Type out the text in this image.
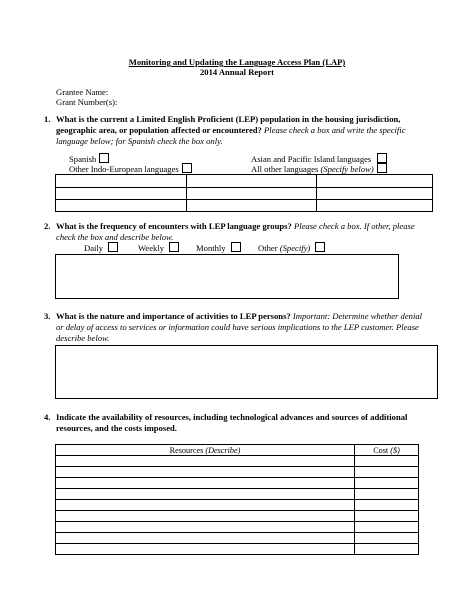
Monitoring and Updating the Language Access Plan (LAP)
2014 Annual Report
Grantee Name:
Grant Number(s):
1. What is the current a Limited English Proficient (LEP) population in the housing jurisdiction, geographic area, or population affected or encountered? Please check a box and write the specific language below; for Spanish check the box only.
Spanish	Asian and Pacific Island languages
Other Indo-European languages	All other languages (Specify below)
2. What is the frequency of encounters with LEP language groups? Please check a box. If other, please check the box and describe below.
Daily	Weekly	Monthly	Other (Specify)
3. What is the nature and importance of activities to LEP persons? Important: Determine whether denial or delay of access to services or information could have serious implications to the LEP customer. Please describe below.
4. Indicate the availability of resources, including technological advances and sources of additional resources, and the costs imposed.
Resources (Describe)	Cost ($)
